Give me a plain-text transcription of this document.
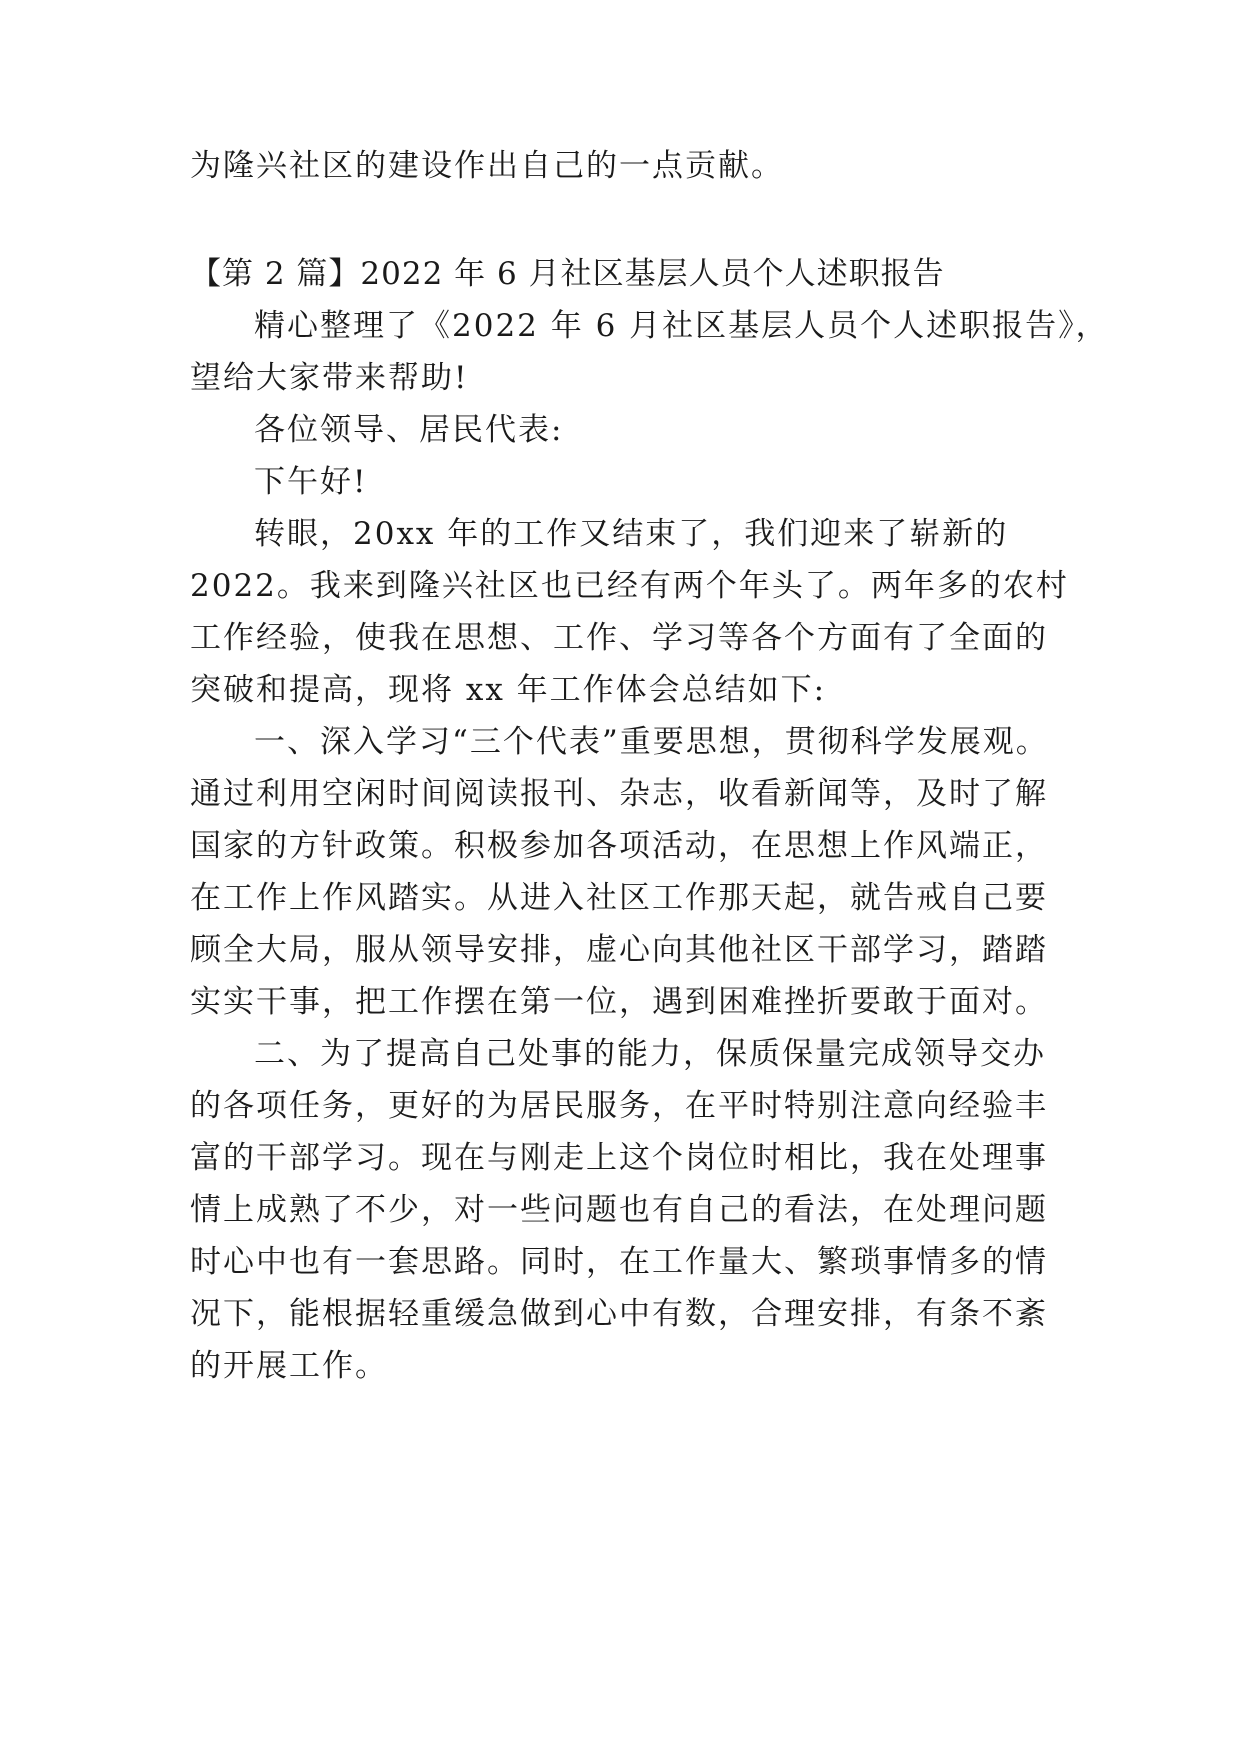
为隆兴社区的建设作出自己的一点贡献。
【第 2 篇】2022 年 6 月社区基层人员个人述职报告
精心整理了《2022 年 6 月社区基层人员个人述职报告》，
望给大家带来帮助!
各位领导、居民代表:
下午好!
转眼，20xx 年的工作又结束了，我们迎来了崭新的
2022。我来到隆兴社区也已经有两个年头了。两年多的农村
工作经验，使我在思想、工作、学习等各个方面有了全面的
突破和提高，现将 xx 年工作体会总结如下:
一、深入学习“三个代表”重要思想，贯彻科学发展观。
通过利用空闲时间阅读报刊、杂志，收看新闻等，及时了解
国家的方针政策。积极参加各项活动，在思想上作风端正，
在工作上作风踏实。从进入社区工作那天起，就告戒自己要
顾全大局，服从领导安排，虚心向其他社区干部学习，踏踏
实实干事，把工作摆在第一位，遇到困难挫折要敢于面对。
二、为了提高自己处事的能力，保质保量完成领导交办
的各项任务，更好的为居民服务，在平时特别注意向经验丰
富的干部学习。现在与刚走上这个岗位时相比，我在处理事
情上成熟了不少，对一些问题也有自己的看法，在处理问题
时心中也有一套思路。同时，在工作量大、繁琐事情多的情
况下，能根据轻重缓急做到心中有数，合理安排，有条不紊
的开展工作。
